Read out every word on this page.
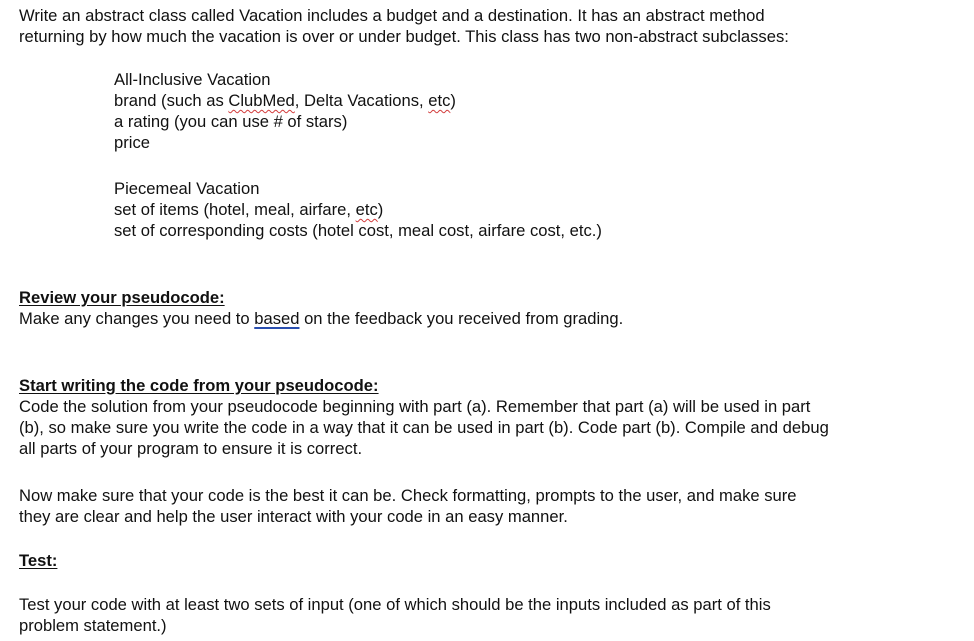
Write an abstract class called Vacation includes a budget and a destination. It has an abstract method
returning by how much the vacation is over or under budget. This class has two non-abstract subclasses:
All-Inclusive Vacation
brand (such as ClubMed, Delta Vacations, etc)
a rating (you can use # of stars)
price
Piecemeal Vacation
set of items (hotel, meal, airfare, etc)
set of corresponding costs (hotel cost, meal cost, airfare cost, etc.)
Review your pseudocode:
Make any changes you need to based on the feedback you received from grading.
Start writing the code from your pseudocode:
Code the solution from your pseudocode beginning with part (a). Remember that part (a) will be used in part
(b), so make sure you write the code in a way that it can be used in part (b). Code part (b). Compile and debug
all parts of your program to ensure it is correct.
Now make sure that your code is the best it can be. Check formatting, prompts to the user, and make sure
they are clear and help the user interact with your code in an easy manner.
Test:
Test your code with at least two sets of input (one of which should be the inputs included as part of this
problem statement.)
